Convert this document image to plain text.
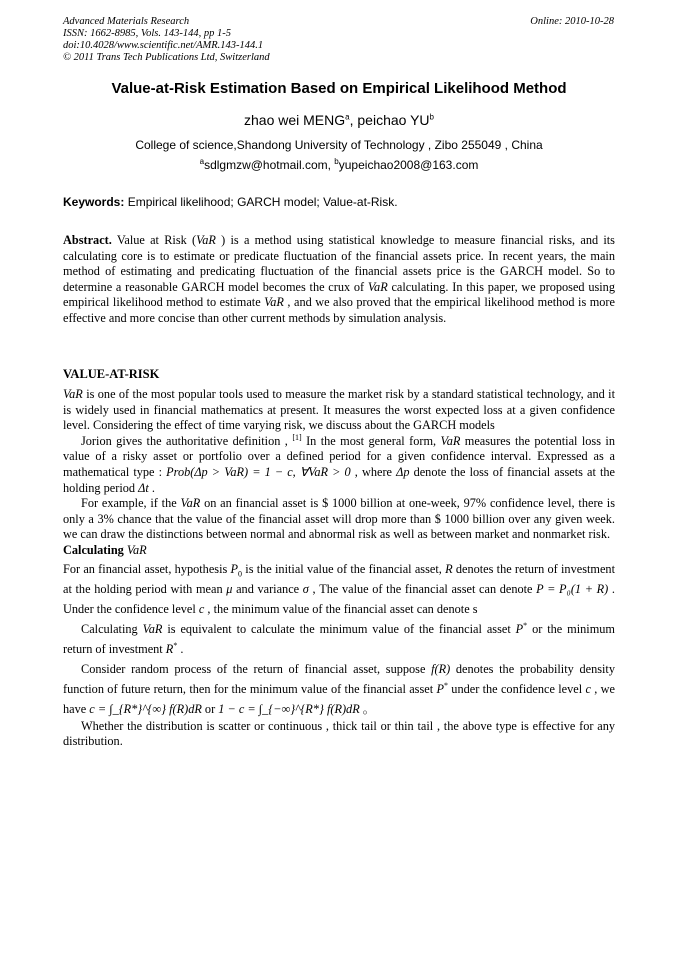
Advanced Materials Research
ISSN: 1662-8985, Vols. 143-144, pp 1-5
doi:10.4028/www.scientific.net/AMR.143-144.1
© 2011 Trans Tech Publications Ltd, Switzerland
Online: 2010-10-28
Value-at-Risk Estimation Based on Empirical Likelihood Method
zhao wei MENG$^a$, peichao $YU^b$
College of science,Shandong University of Technology , Zibo 255049 , China
$^a$sdlgmzw@hotmail.com, $^b$yupeichao2008@163.com
Keywords: Empirical likelihood; GARCH model; Value-at-Risk.
Abstract. Value at Risk (VaR ) is a method using statistical knowledge to measure financial risks, and its calculating core is to estimate or predicate fluctuation of the financial assets price. In recent years, the main method of estimating and predicating fluctuation of the financial assets price is the GARCH model. So to determine a reasonable GARCH model becomes the crux of VaR calculating. In this paper, we proposed using empirical likelihood method to estimate VaR , and we also proved that the empirical likelihood method is more effective and more concise than other current methods by simulation analysis.
VALUE-AT-RISK

VaR is one of the most popular tools used to measure the market risk by a standard statistical technology, and it is widely used in financial mathematics at present. It measures the worst expected loss at a given confidence level. Considering the effect of time varying risk, we discuss about the GARCH models

Jorion gives the authoritative definition , [1] In the most general form, VaR measures the potential loss in value of a risky asset or portfolio over a defined period for a given confidence interval. Expressed as a mathematical type : Prob(Δp > VaR) = 1 − c, ∀VaR > 0 , where Δp denote the loss of financial assets at the holding period Δt .

For example, if the VaR on an financial asset is $ 1000 billion at one-week, 97% confidence level, there is only a 3% chance that the value of the financial asset will drop more than $ 1000 billion over any given week. we can draw the distinctions between normal and abnormal risk as well as between market and nonmarket risk.

Calculating VaR

For an financial asset, hypothesis $P_0$ is the initial value of the financial asset, R denotes the return of investment at the holding period with mean μ and variance σ , The value of the financial asset can denote P = P₀(1 + R) . Under the confidence level c , the minimum value of the financial asset can denote s

Calculating VaR is equivalent to calculate the minimum value of the financial asset P* or the minimum return of investment R* .

Consider random process of the return of financial asset, suppose f(R) denotes the probability density function of future return, then for the minimum value of the financial asset P* under the confidence level c , we have c = ∫_{R*}^{∞} f(R)dR or 1 − c = ∫_{−∞}^{R*} f(R)dR 。

Whether the distribution is scatter or continuous , thick tail or thin tail , the above type is effective for any distribution.
